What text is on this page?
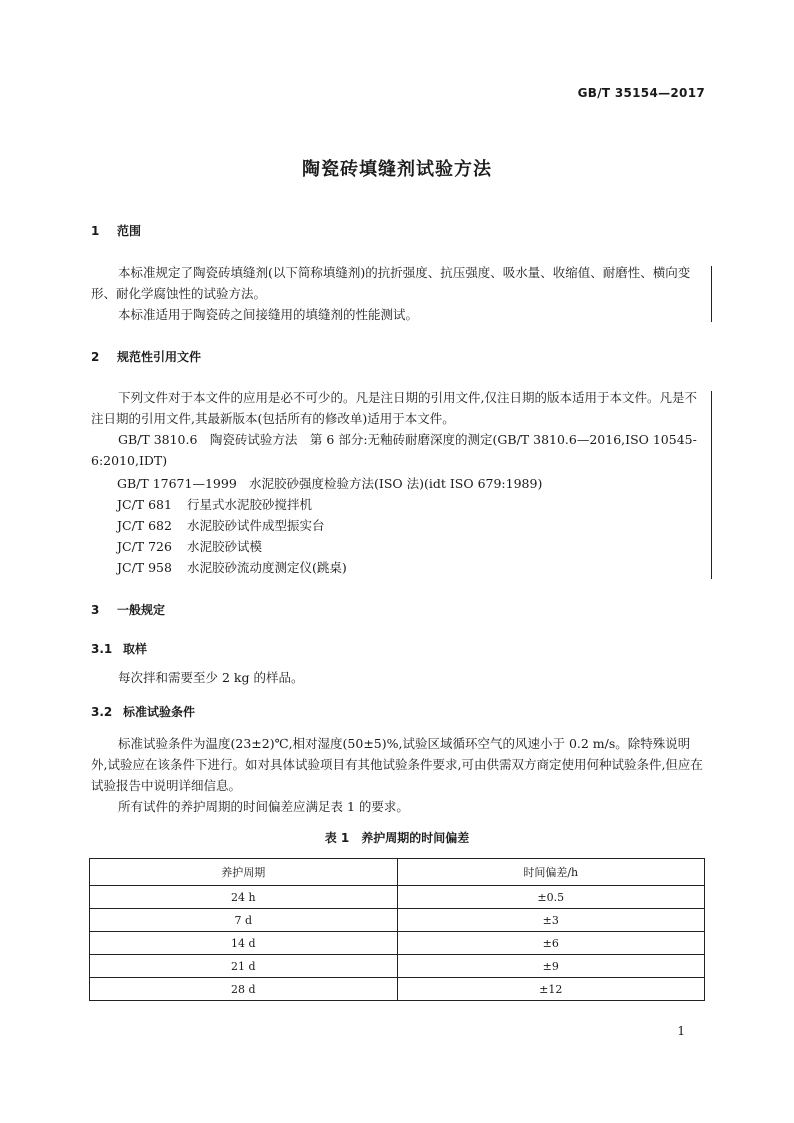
GB/T 35154—2017
陶瓷砖填缝剂试验方法
1 范围
本标准规定了陶瓷砖填缝剂(以下简称填缝剂)的抗折强度、抗压强度、吸水量、收缩值、耐磨性、横向变形、耐化学腐蚀性的试验方法。
本标准适用于陶瓷砖之间接缝用的填缝剂的性能测试。
2 规范性引用文件
下列文件对于本文件的应用是必不可少的。凡是注日期的引用文件,仅注日期的版本适用于本文件。凡是不注日期的引用文件,其最新版本(包括所有的修改单)适用于本文件。
GB/T 3810.6　陶瓷砖试验方法　第 6 部分:无釉砖耐磨深度的测定(GB/T 3810.6—2016,ISO 10545-6:2010,IDT)
GB/T 17671—1999 水泥胶砂强度检验方法(ISO 法)(idt ISO 679:1989)
JC/T 681 行星式水泥胶砂搅拌机
JC/T 682 水泥胶砂试件成型振实台
JC/T 726 水泥胶砂试模
JC/T 958 水泥胶砂流动度测定仪(跳桌)
3 一般规定
3.1 取样
每次拌和需要至少 2 kg 的样品。
3.2 标准试验条件
标准试验条件为温度(23±2)℃,相对湿度(50±5)%,试验区域循环空气的风速小于 0.2 m/s。除特殊说明外,试验应在该条件下进行。如对具体试验项目有其他试验条件要求,可由供需双方商定使用何种试验条件,但应在试验报告中说明详细信息。
所有试件的养护周期的时间偏差应满足表 1 的要求。
表 1　养护周期的时间偏差
养护周期	时间偏差/h
24 h	±0.5
7 d	±3
14 d	±6
21 d	±9
28 d	±12
1
